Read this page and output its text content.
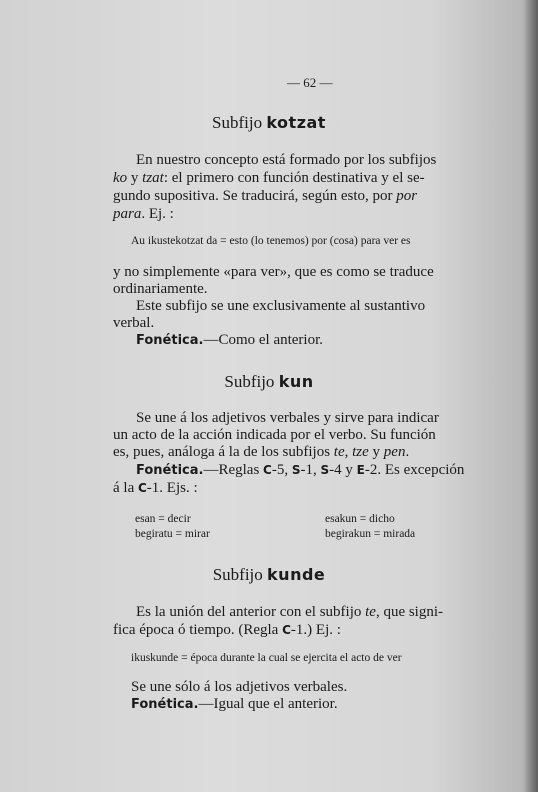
— 62 —
Subfijo kotzat
En nuestro concepto está formado por los subfijos
ko y tzat: el primero con función destinativa y el se-
gundo supositiva. Se traducirá, según esto, por por
para. Ej. :
Au ikustekotzat da = esto (lo tenemos) por (cosa) para ver es
y no simplemente «para ver», que es como se traduce
ordinariamente.
Este subfijo se une exclusivamente al sustantivo
verbal.
Fonética.—Como el anterior.
Subfijo kun
Se une á los adjetivos verbales y sirve para indicar
un acto de la acción indicada por el verbo. Su función
es, pues, análoga á la de los subfijos te, tze y pen.
Fonética.—Reglas C-5, S-1, S-4 y E-2. Es excepción
á la C-1. Ejs. :
esan = decir	esakun = dicho
begiratu = mirar	begirakun = mirada
Subfijo kunde
Es la unión del anterior con el subfijo te, que signi-
fica época ó tiempo. (Regla C-1.) Ej. :
ikuskunde = época durante la cual se ejercita el acto de ver
Se une sólo á los adjetivos verbales.
Fonética.—Igual que el anterior.
